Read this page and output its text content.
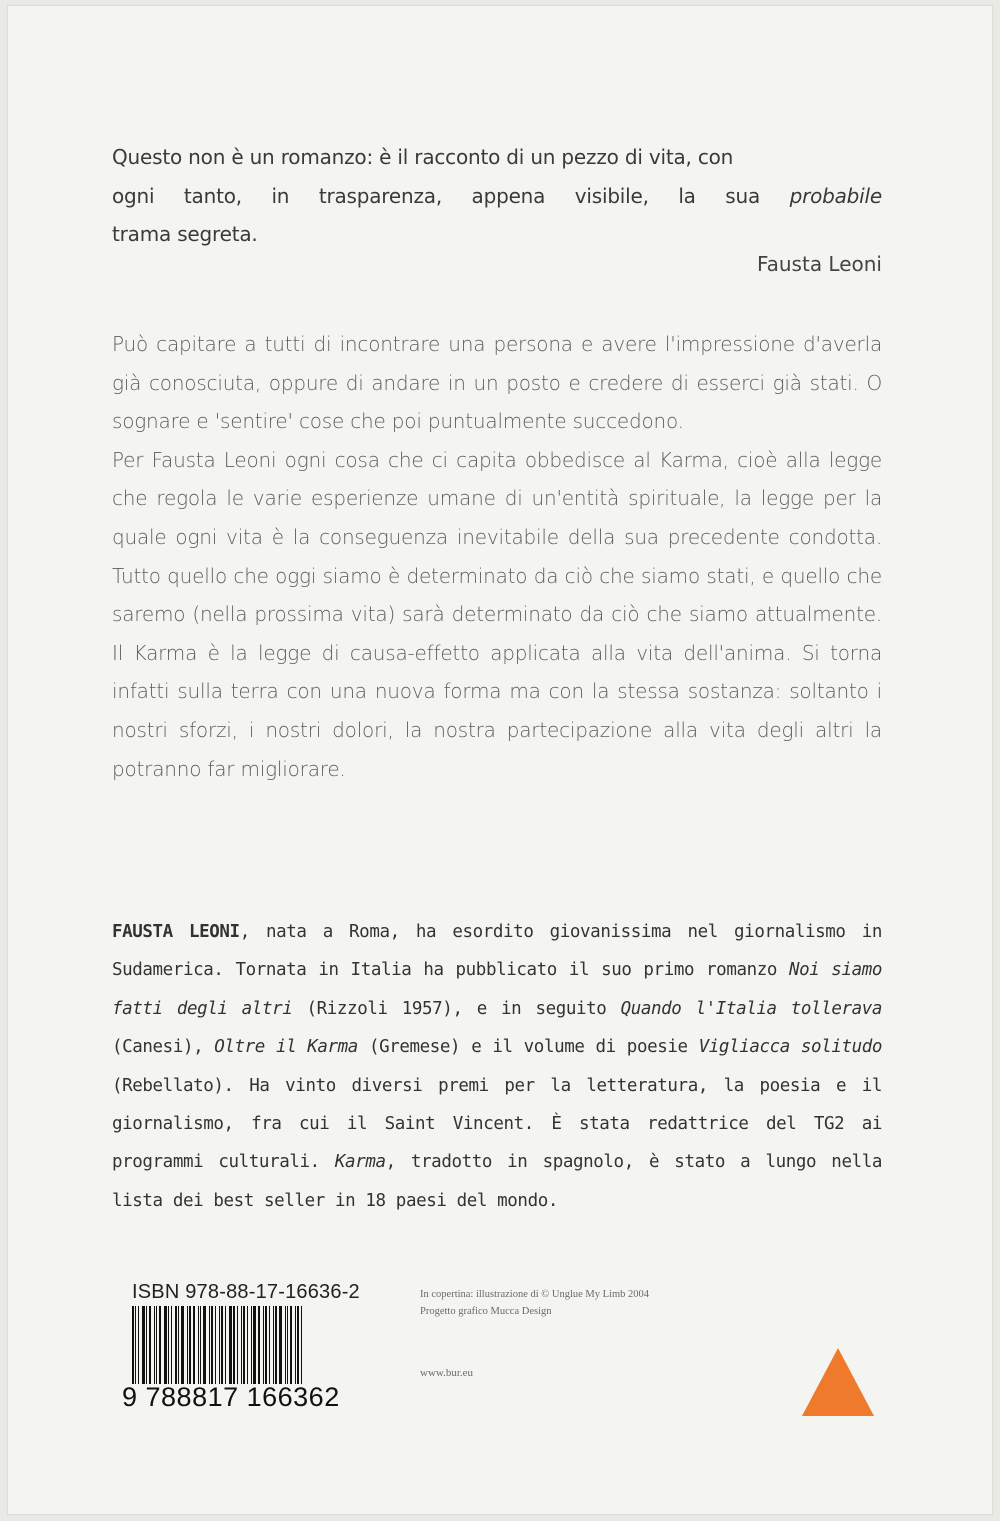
Questo non è un romanzo: è il racconto di un pezzo di vita, con

ogni tanto, in trasparenza, appena visibile, la sua probabile

trama segreta.

Fausta Leoni

Può capitare a tutti di incontrare una persona e avere l'impressione d'averla già conosciuta, oppure di andare in un posto e credere di esserci già stati. O sognare e 'sentire' cose che poi puntualmente succedono.

Per Fausta Leoni ogni cosa che ci capita obbedisce al Karma, cioè alla legge che regola le varie esperienze umane di un'entità spirituale, la legge per la quale ogni vita è la conseguenza inevitabile della sua precedente condotta. Tutto quello che oggi siamo è determinato da ciò che siamo stati, e quello che saremo (nella prossima vita) sarà determinato da ciò che siamo attualmente. Il Karma è la legge di causa-effetto applicata alla vita dell'anima. Si torna infatti sulla terra con una nuova forma ma con la stessa sostanza: soltanto i nostri sforzi, i nostri dolori, la nostra partecipazione alla vita degli altri la potranno far migliorare.

FAUSTA LEONI, nata a Roma, ha esordito giovanissima nel giornalismo in Sudamerica. Tornata in Italia ha pubblicato il suo primo romanzo Noi siamo fatti degli altri (Rizzoli 1957), e in seguito Quando l'Italia tollerava (Canesi), Oltre il Karma (Gremese) e il volume di poesie Vigliacca solitudo (Rebellato). Ha vinto diversi premi per la letteratura, la poesia e il giornalismo, fra cui il Saint Vincent. È stata redattrice del TG2 ai programmi culturali. Karma, tradotto in spagnolo, è stato a lungo nella lista dei best seller in 18 paesi del mondo.

ISBN 978-88-17-16636-2
9 788817 166362
In copertina: illustrazione di © Unglue My Limb 2004
Progetto grafico Mucca Design
www.bur.eu
